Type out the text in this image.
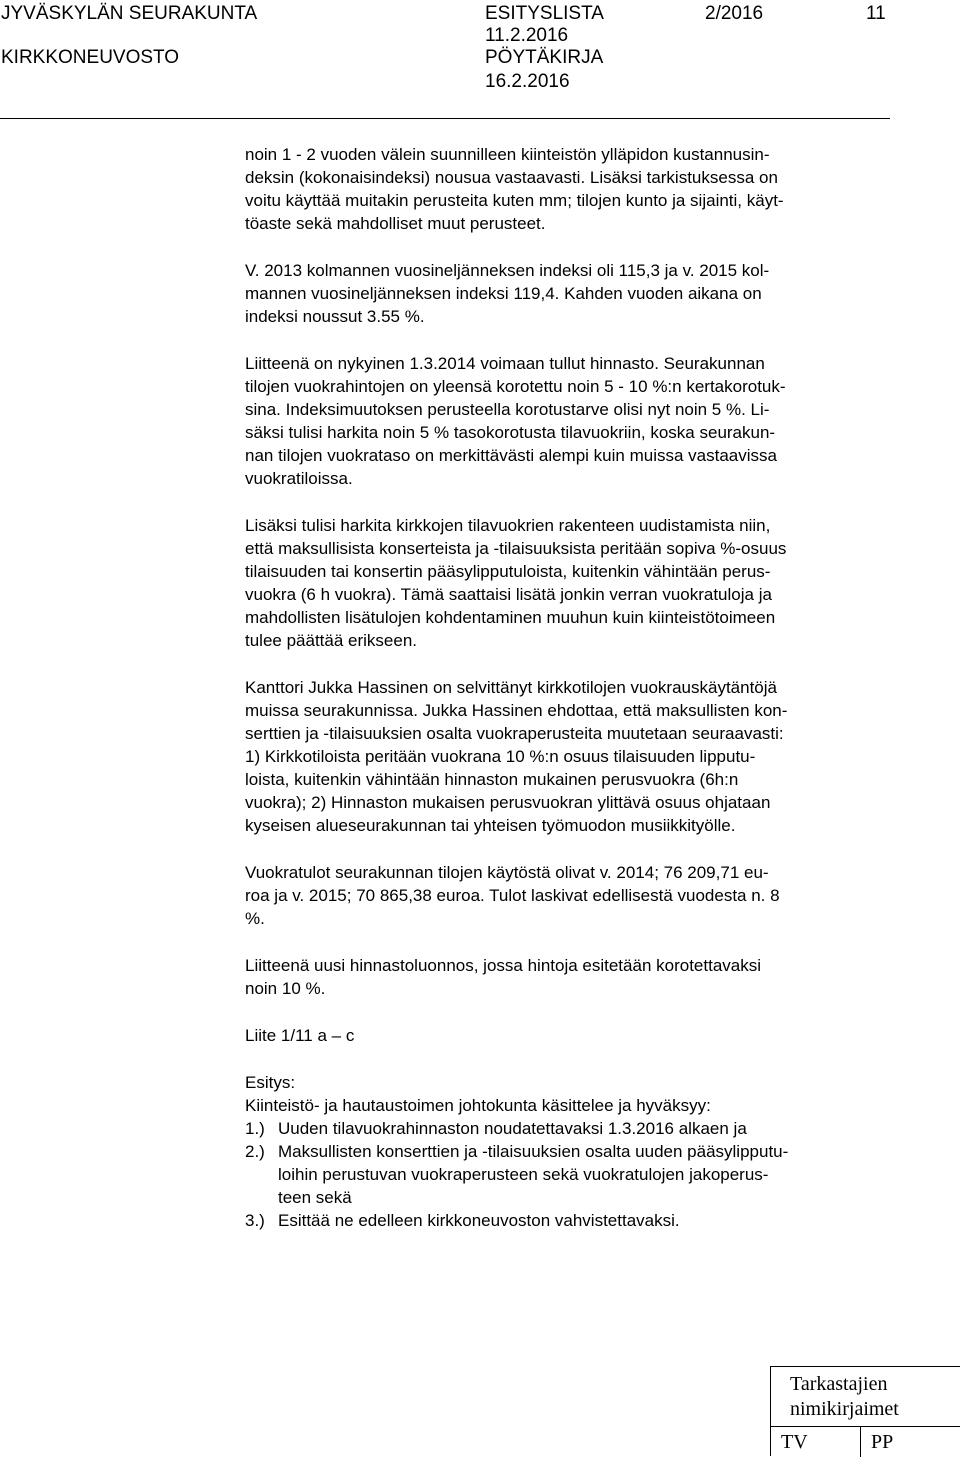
JYVÄSKYLÄN SEURAKUNTA	ESITYSLISTA	2/2016	11
11.2.2016
KIRKKONEUVOSTO	PÖYTÄKIRJA
16.2.2016
noin 1 - 2 vuoden välein suunnilleen kiinteistön ylläpidon kustannusin-
deksin (kokonaisindeksi) nousua vastaavasti. Lisäksi tarkistuksessa on
voitu käyttää muitakin perusteita kuten mm; tilojen kunto ja sijainti, käyt-
töaste sekä mahdolliset muut perusteet.
V. 2013 kolmannen vuosineljänneksen indeksi oli 115,3 ja v. 2015 kol-
mannen vuosineljänneksen indeksi 119,4. Kahden vuoden aikana on
indeksi noussut 3.55 %.
Liitteenä on nykyinen 1.3.2014 voimaan tullut hinnasto. Seurakunnan
tilojen vuokrahintojen on yleensä korotettu noin 5 - 10 %:n kertakorotuk-
sina. Indeksimuutoksen perusteella korotustarve olisi nyt noin 5 %. Li-
säksi tulisi harkita noin 5 % tasokorotusta tilavuokriin, koska seurakun-
nan tilojen vuokrataso on merkittävästi alempi kuin muissa vastaavissa
vuokratiloissa.
Lisäksi tulisi harkita kirkkojen tilavuokrien rakenteen uudistamista niin,
että maksullisista konserteista ja -tilaisuuksista peritään sopiva %-osuus
tilaisuuden tai konsertin pääsylipputuloista, kuitenkin vähintään perus-
vuokra (6 h vuokra). Tämä saattaisi lisätä jonkin verran vuokratuloja ja
mahdollisten lisätulojen kohdentaminen muuhun kuin kiinteistötoimeen
tulee päättää erikseen.
Kanttori Jukka Hassinen on selvittänyt kirkkotilojen vuokrauskäytäntöjä
muissa seurakunnissa. Jukka Hassinen ehdottaa, että maksullisten kon-
serttien ja -tilaisuuksien osalta vuokraperusteita muutetaan seuraavasti:
1) Kirkkotiloista peritään vuokrana 10 %:n osuus tilaisuuden lipputu-
loista, kuitenkin vähintään hinnaston mukainen perusvuokra (6h:n
vuokra); 2) Hinnaston mukaisen perusvuokran ylittävä osuus ohjataan
kyseisen alueseurakunnan tai yhteisen työmuodon musiikkityölle.
Vuokratulot seurakunnan tilojen käytöstä olivat v. 2014; 76 209,71 eu-
roa ja v. 2015; 70 865,38 euroa. Tulot laskivat edellisestä vuodesta n. 8
%.
Liitteenä uusi hinnastoluonnos, jossa hintoja esitetään korotettavaksi
noin 10 %.
Liite 1/11 a – c
Esitys:
Kiinteistö- ja hautaustoimen johtokunta käsittelee ja hyväksyy:
1.) Uuden tilavuokrahinnaston noudatettavaksi 1.3.2016 alkaen ja
2.) Maksullisten konserttien ja -tilaisuuksien osalta uuden pääsylipputu-
loihin perustuvan vuokraperusteen sekä vuokratulojen jakoperus-
teen sekä
3.) Esittää ne edelleen kirkkoneuvoston vahvistettavaksi.
Tarkastajien
nimikirjaimet
TV	PP
